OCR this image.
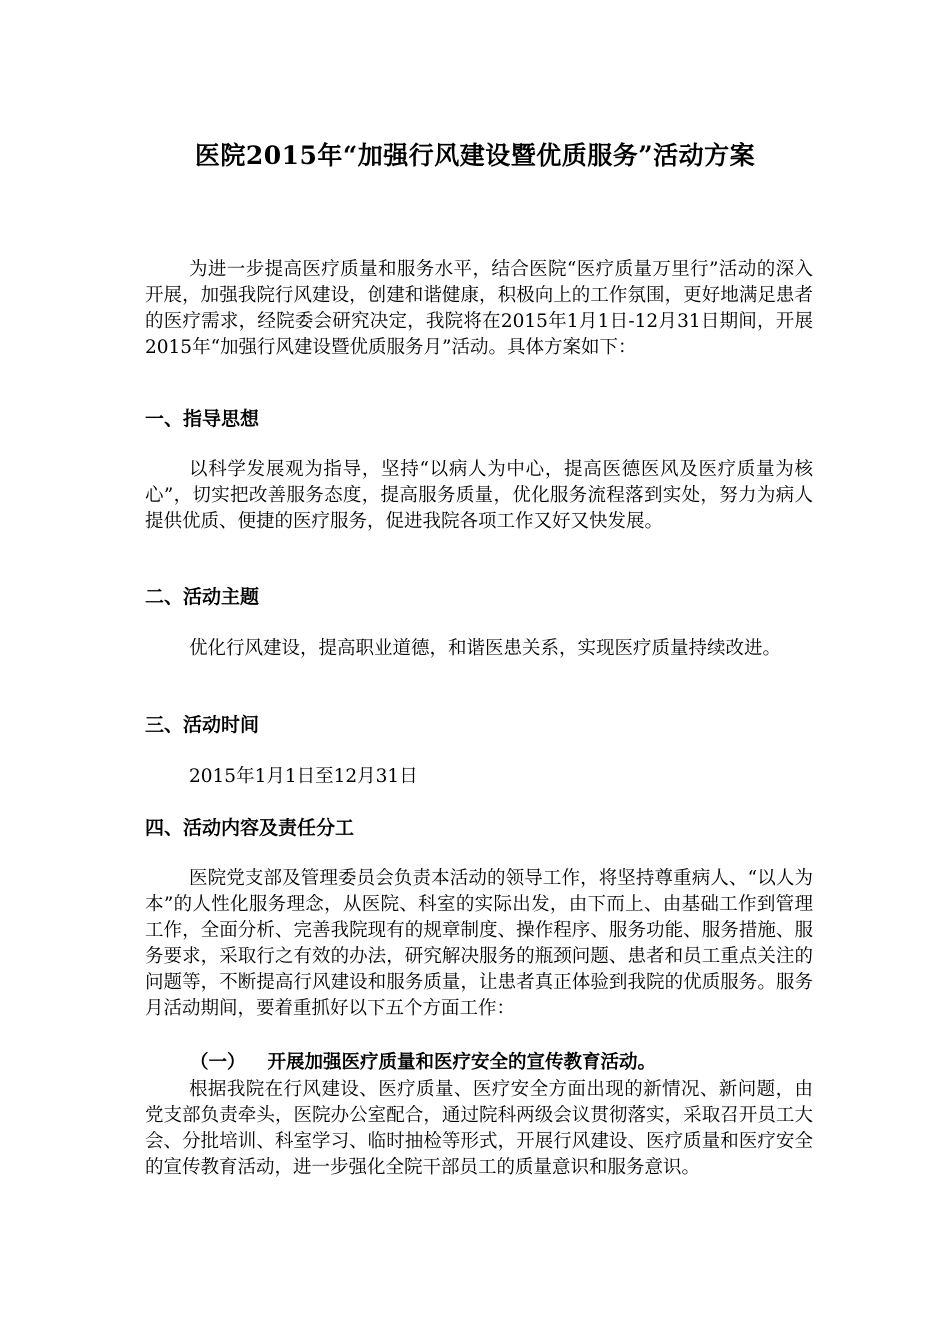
医院2015年“加强行风建设暨优质服务”活动方案
为进一步提高医疗质量和服务水平，结合医院“医疗质量万里行”活动的深入开展，加强我院行风建设，创建和谐健康，积极向上的工作氛围，更好地满足患者的医疗需求，经院委会研究决定，我院将在2015年1月1日-12月31日期间，开展2015年“加强行风建设暨优质服务月”活动。具体方案如下：
一、指导思想
以科学发展观为指导，坚持“以病人为中心，提高医德医风及医疗质量为核心”，切实把改善服务态度，提高服务质量，优化服务流程落到实处，努力为病人提供优质、便捷的医疗服务，促进我院各项工作又好又快发展。
二、活动主题
优化行风建设，提高职业道德，和谐医患关系，实现医疗质量持续改进。
三、活动时间
2015年1月1日至12月31日
四、活动内容及责任分工
医院党支部及管理委员会负责本活动的领导工作，将坚持尊重病人、“以人为本”的人性化服务理念，从医院、科室的实际出发，由下而上、由基础工作到管理工作，全面分析、完善我院现有的规章制度、操作程序、服务功能、服务措施、服务要求，采取行之有效的办法，研究解决服务的瓶颈问题、患者和员工重点关注的问题等，不断提高行风建设和服务质量，让患者真正体验到我院的优质服务。服务月活动期间，要着重抓好以下五个方面工作：
（一） 开展加强医疗质量和医疗安全的宣传教育活动。
根据我院在行风建设、医疗质量、医疗安全方面出现的新情况、新问题，由党支部负责牵头，医院办公室配合，通过院科两级会议贯彻落实，采取召开员工大会、分批培训、科室学习、临时抽检等形式，开展行风建设、医疗质量和医疗安全的宣传教育活动，进一步强化全院干部员工的质量意识和服务意识。
